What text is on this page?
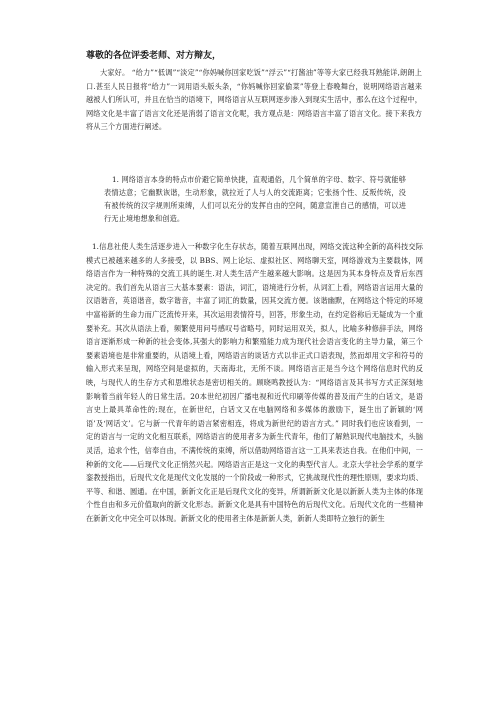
尊敬的各位评委老师、对方辩友，

大家好。 “给力”“低调”“淡定”“你妈喊你回家吃饭”“浮云”“打酱油”等等大家已经我耳熟能详,朗朗上口.甚至人民日报将“给力”一词用语头版头条，“你妈喊你回家偷菜”等登上春晚舞台，说明网络语言越来越被人们所认可，并且在恰当的语境下，网络语言从互联网逐步渗入到现实生活中，那么在这个过程中，网络文化是丰富了语言文化还是消弱了语言文化呢，我方观点是：网络语言丰富了语言文化。接下来我方将从三个方面进行阐述。

1. 网络语言本身的特点市价避它简单快捷，直观通俗，几个简单的字母、数字、符号就能够表情达意；它幽默诙谐，生动形象，就拉近了人与人的交流距离；它张扬个性、反叛传统，没有被传统的汉字规则所束缚，人们可以充分的发挥自由的空间，随意宣泄自己的感情，可以进行无止境地想象和创造。

1.信息社使人类生活逐步进入一种数字化生存状态，随着互联网出现，网络交流这种全新的高科技交际模式已被越来越多的人多接受，以 BBS、网上论坛、虚拟社区、网络聊天室，网络游戏为主要载体，网络语言作为一种特殊的交流工具的诞生.对人类生活产生越来越大影响。这是因为其本身特点及背后东西决定的。我们首先从语言三大基本要素：语法，词汇，语境进行分析，从词汇上看，网络语言运用大量的汉语谐音，英语谐音，数字谐音，丰富了词汇的数量，因其交流方便。该谐幽默，在网络这个特定的环境中富裕新的生命力而广泛流传开来，其次运用表情符号，回答，形象生动，在约定俗称后无疑成为一个重要补充。其次从语法上看，频繁使用问号感叹号省略号，同时运用双关，拟人，比喻多种修辞手法，网络语言逐渐形成一种新的社会变体,其强大的影响力和繁殖能力成为现代社会语言变化的主导力量，第三个要素语境也是非常重要的，从语境上看，网络语言的谈话方式以非正式口语表现，然而却用文字和符号的输入形式来呈现，网络空间是虚拟的，天南海北，无所不谈。网络语言正是当今这个网络信息时代的反映，与现代人的生存方式和思维状态是密切相关的。顾晓鸣教授认为：“网络语言及其书写方式正深刻地影响着当前年轻人的日常生活。20本世纪初因广播电视和近代印刷等传媒的普及而产生的白话文，是语言史上最具革命性的;现在，在新世纪，白话文又在电脑网络和多媒体的激励下，诞生出了新颖的‘网语’及‘网话文’。它与新一代青年的语言紧密相连，将成为新世纪的语言方式。” 同时我们也应该看到，一定的语言与一定的文化相互联系，网络语言的使用者多为新生代青年，他们了解熟识现代电脑技术，头脑灵活，追求个性，信奉自由，不满传统的束缚，所以借助网络语言这一工具来表达自我。在他们中间，一种新的文化——后现代文化正悄然兴起。网络语言正是这一文化的典型代言人。北京大学社会学系的夏学銮教授指出，后现代文化是现代文化发展的一个阶段或一种形式，它挑战现代性的理性原则，要求均质、平等、和谐、圆通。在中国，新新文化正是后现代文化的变异，所谓新新文化是以新新人类为主体的体现个性自由和多元价值取向的新文化形态。新新文化是具有中国特色的后现代文化。后现代文化的一些精神在新新文化中完全可以体现。新新文化的使用者主体是新新人类，新新人类即特立独行的新生
